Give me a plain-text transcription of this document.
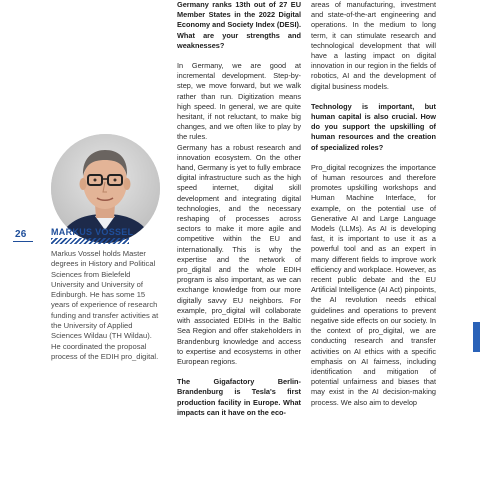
26	MARKUS VOSSEL
Markus Vossel holds Master degrees in History and Political Sciences from Bielefeld University and University of Edinburgh. He has some 15 years of experience of research funding and transfer activities at the University of Applied Sciences Wildau (TH Wildau). He coordinated the proposal process of the EDIH pro_digital.

Germany ranks 13th out of 27 EU Member States in the 2022 Digital Economy and Society Index (DESI). What are your strengths and weaknesses?

In Germany, we are good at incremental development. Step-by-step, we move forward, but we walk rather than run. Digitization means high speed. In general, we are quite hesitant, if not reluctant, to make big changes, and we often like to play by the rules.

Germany has a robust research and innovation ecosystem. On the other hand, Germany is yet to fully embrace digital infrastructure such as the high speed internet, digital skill development and integrating digital technologies, and the necessary reshaping of processes across sectors to make it more agile and competitive within the EU and internationally. This is why the expertise and the network of pro_digital and the whole EDIH program is also important, as we can exchange knowledge from our more digitally savvy EU neighbors. For example, pro_digital will collaborate with associated EDIHs in the Baltic Sea Region and offer stakeholders in Brandenburg knowledge and access to expertise and ecosystems in other European regions.

The Gigafactory Berlin-Brandenburg is Tesla's first production facility in Europe. What impacts can it have on the eco-

areas of manufacturing, investment and state-of-the-art engineering and operations. In the medium to long term, it can stimulate research and technological development that will have a lasting impact on digital innovation in our region in the fields of robotics, AI and the development of digital business models.

Technology is important, but human capital is also crucial. How do you support the upskilling of human resources and the creation of specialized roles?

Pro_digital recognizes the importance of human resources and therefore promotes upskilling workshops and Human Machine Interface, for example, on the potential use of Generative AI and Large Language Models (LLMs). As AI is developing fast, it is important to use it as a powerful tool and as an expert in many different fields to improve work efficiency and workplace. However, as recent public debate and the EU Artificial Intelligence (AI Act) pinpoints, the AI revolution needs ethical guidelines and operations to prevent negative side effects on our society. In the context of pro_digital, we are conducting research and transfer activities on AI ethics with a specific emphasis on AI fairness, including identification and mitigation of potential unfairness and biases that may exist in the AI decision-making process. We also aim to develop
